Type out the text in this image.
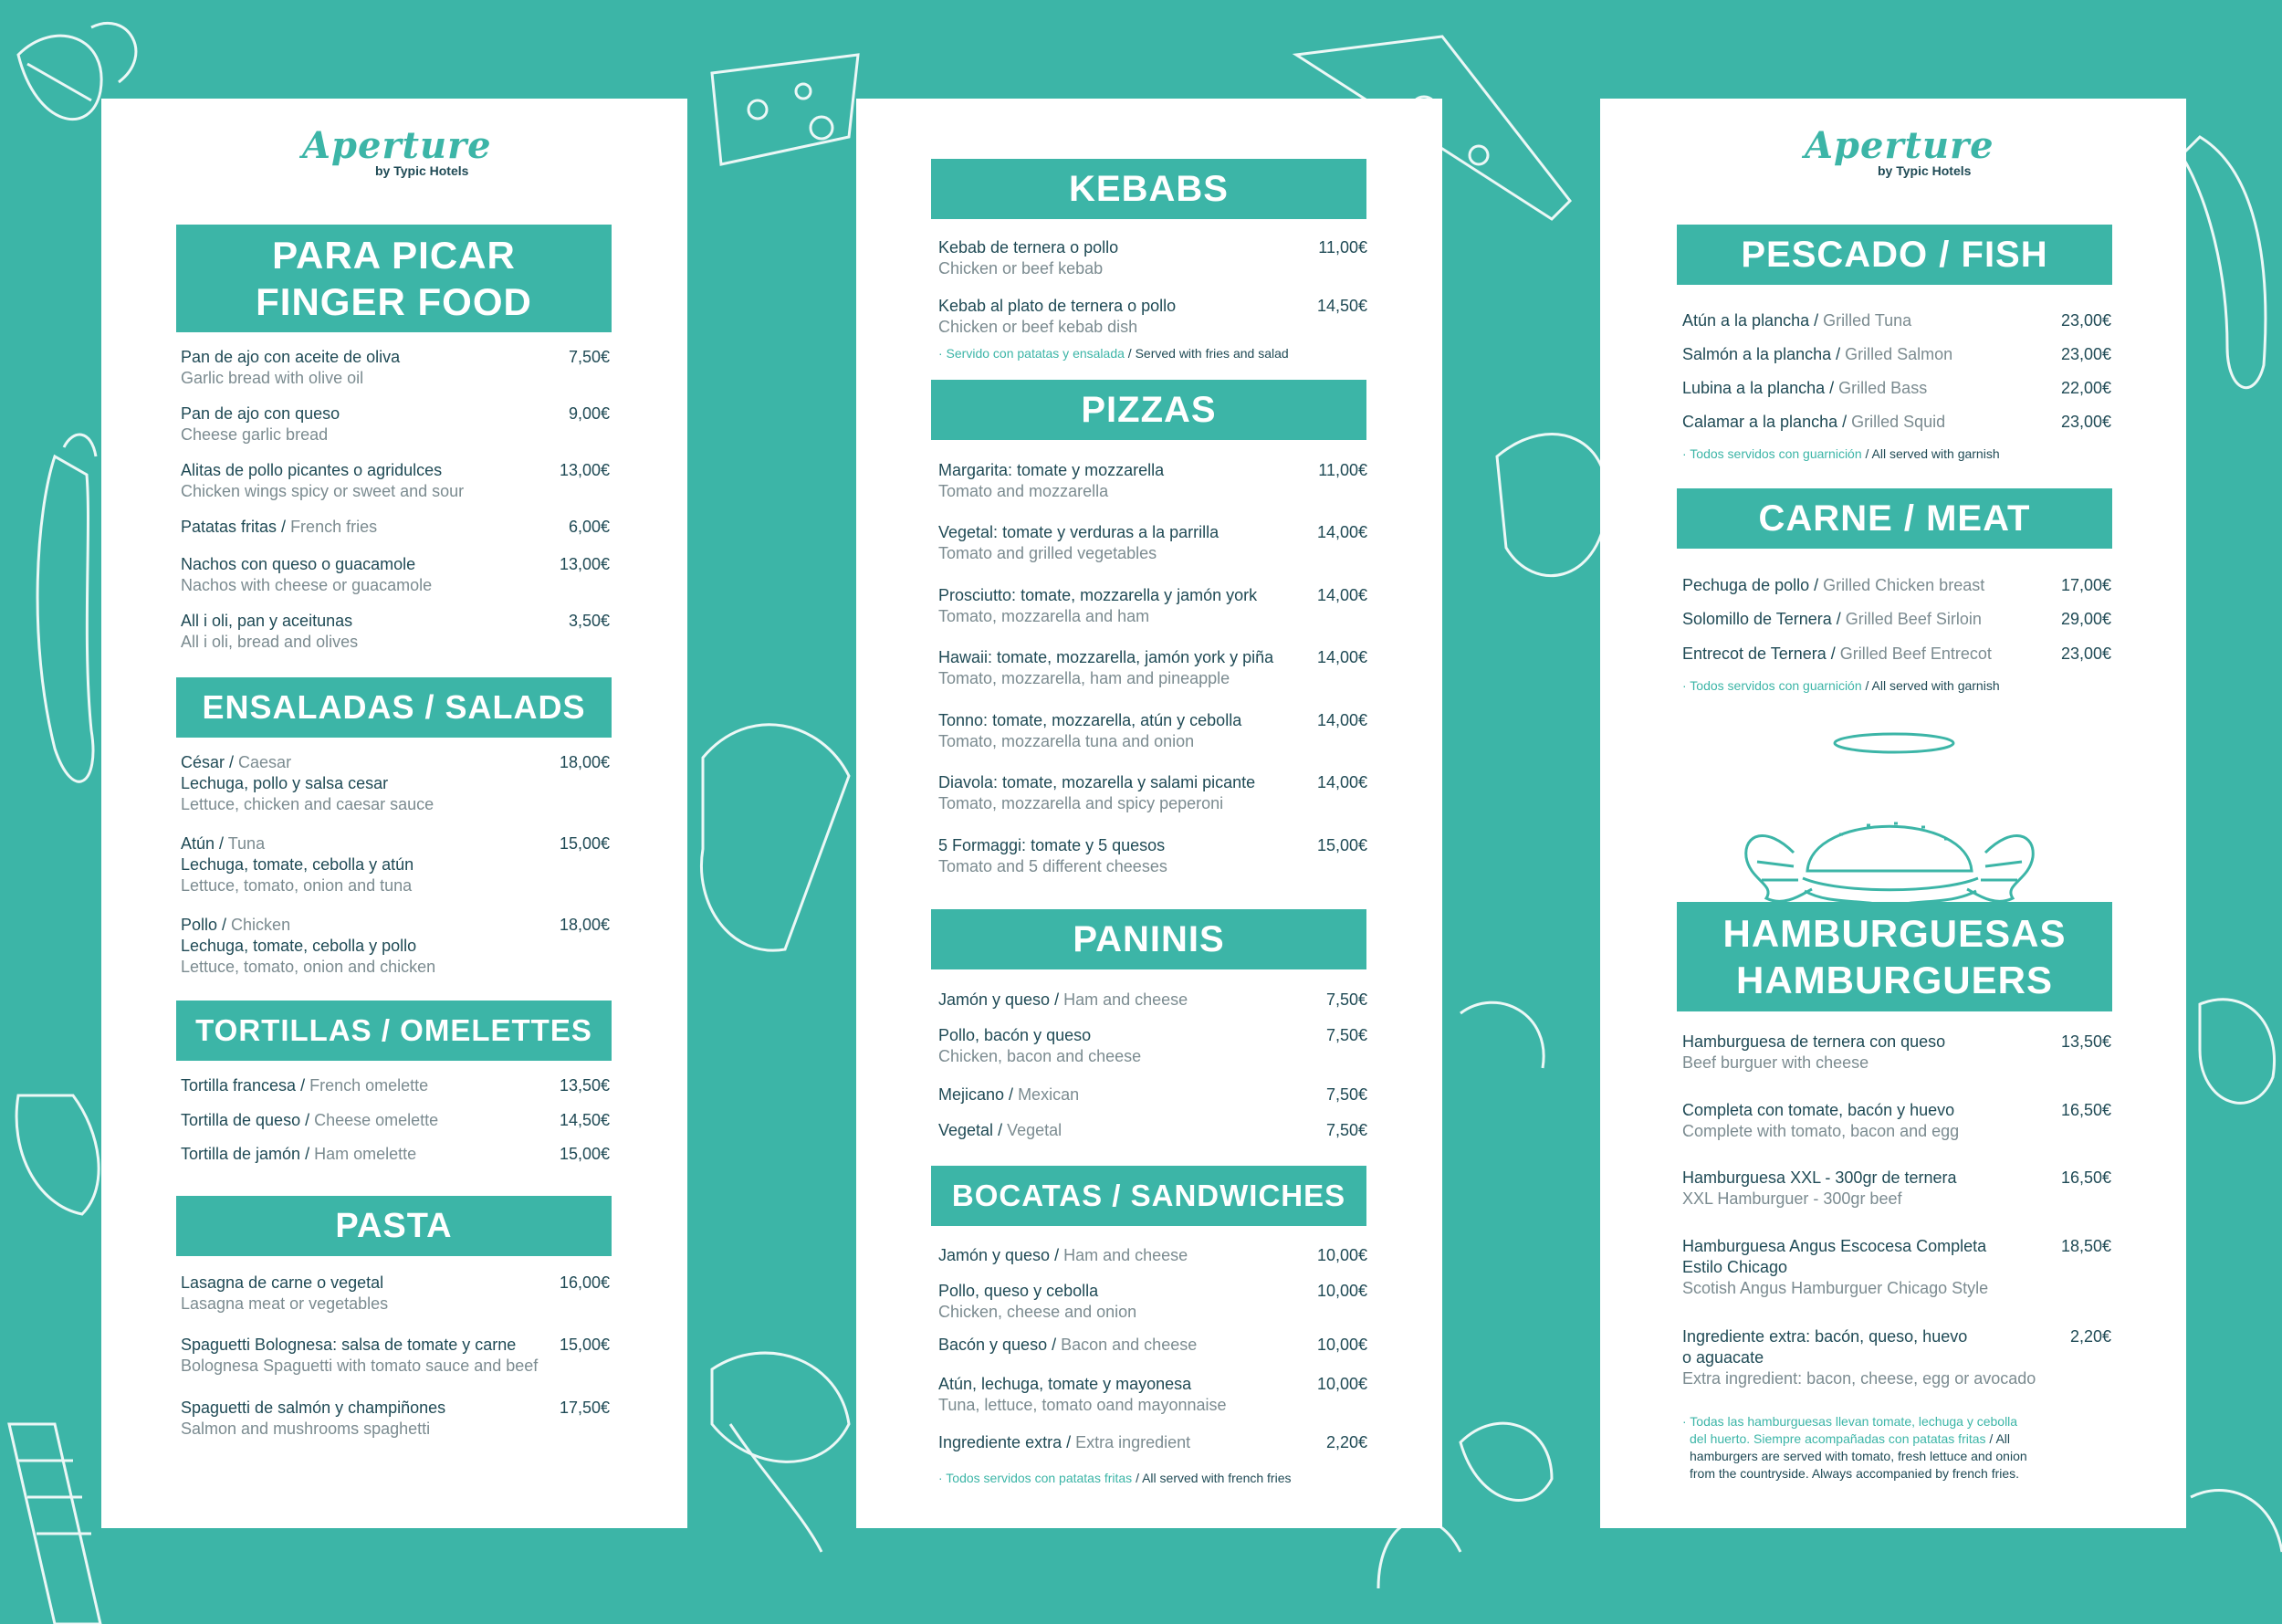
Aperture
by Typic Hotels
PARA PICAR
FINGER FOOD
Pan de ajo con aceite de oliva
Garlic bread with olive oil
7,50€
Pan de ajo con queso
Cheese garlic bread
9,00€
Alitas de pollo picantes o agridulces
Chicken wings spicy or sweet and sour
13,00€
Patatas fritas / French fries	6,00€
Nachos con queso o guacamole
Nachos with cheese or guacamole
13,00€
All i oli, pan y aceitunas
All i oli, bread and olives
3,50€
ENSALADAS / SALADS
César / Caesar
Lechuga, pollo y salsa cesar
Lettuce, chicken and caesar sauce
18,00€
Atún / Tuna
Lechuga, tomate, cebolla y atún
Lettuce, tomato, onion and tuna
15,00€
Pollo / Chicken
Lechuga, tomate, cebolla y pollo
Lettuce, tomato, onion and chicken
18,00€
TORTILLAS / OMELETTES
Tortilla francesa / French omelette	13,50€
Tortilla de queso / Cheese omelette	14,50€
Tortilla de jamón / Ham omelette	15,00€
PASTA
Lasagna de carne o vegetal
Lasagna meat or vegetables
16,00€
Spaguetti Bolognesa: salsa de tomate y carne
Bolognesa Spaguetti with tomato sauce and beef
15,00€
Spaguetti de salmón y champiñones
Salmon and mushrooms spaghetti
17,50€
KEBABS
Kebab de ternera o pollo
Chicken or beef kebab
11,00€
Kebab al plato de ternera o pollo
Chicken or beef kebab dish
14,50€
· Servido con patatas y ensalada / Served with fries and salad
PIZZAS
Margarita: tomate y mozzarella
Tomato and mozzarella
11,00€
Vegetal: tomate y verduras a la parrilla
Tomato and grilled vegetables
14,00€
Prosciutto: tomate, mozzarella y jamón york
Tomato, mozzarella and ham
14,00€
Hawaii: tomate, mozzarella, jamón york y piña
Tomato, mozzarella, ham and pineapple
14,00€
Tonno: tomate, mozzarella, atún y cebolla
Tomato, mozzarella tuna and onion
14,00€
Diavola: tomate, mozarella y salami picante
Tomato, mozzarella and spicy peperoni
14,00€
5 Formaggi: tomate y 5 quesos
Tomato and 5 different cheeses
15,00€
PANINIS
Jamón y queso / Ham and cheese	7,50€
Pollo, bacón y queso
Chicken, bacon and cheese
7,50€
Mejicano / Mexican	7,50€
Vegetal / Vegetal	7,50€
BOCATAS / SANDWICHES
Jamón y queso / Ham and cheese	10,00€
Pollo, queso y cebolla
Chicken, cheese and onion
10,00€
Bacón y queso / Bacon and cheese	10,00€
Atún, lechuga, tomate y mayonesa
Tuna, lettuce, tomato oand mayonnaise
10,00€
Ingrediente extra / Extra ingredient	2,20€
· Todos servidos con patatas fritas / All served with french fries
Aperture
by Typic Hotels
PESCADO / FISH
Atún a la plancha / Grilled Tuna	23,00€
Salmón a la plancha / Grilled Salmon	23,00€
Lubina a la plancha / Grilled Bass	22,00€
Calamar a la plancha / Grilled Squid	23,00€
· Todos servidos con guarnición / All served with garnish
CARNE / MEAT
Pechuga de pollo / Grilled Chicken breast	17,00€
Solomillo de Ternera / Grilled Beef Sirloin	29,00€
Entrecot de Ternera / Grilled Beef Entrecot	23,00€
· Todos servidos con guarnición / All served with garnish
HAMBURGUESAS
HAMBURGUERS
Hamburguesa de ternera con queso
Beef burguer with cheese
13,50€
Completa con tomate, bacón y huevo
Complete with tomato, bacon and egg
16,50€
Hamburguesa XXL - 300gr de ternera
XXL Hamburguer - 300gr beef
16,50€
Hamburguesa Angus Escocesa Completa
Estilo Chicago
Scotish Angus Hamburguer Chicago Style
18,50€
Ingrediente extra: bacón, queso, huevo
o aguacate
Extra ingredient: bacon, cheese, egg or avocado
2,20€
· Todas las hamburguesas llevan tomate, lechuga y cebolla
del huerto. Siempre acompañadas con patatas fritas / All
hamburgers are served with tomato, fresh lettuce and onion
from the countryside. Always accompanied by french fries.
